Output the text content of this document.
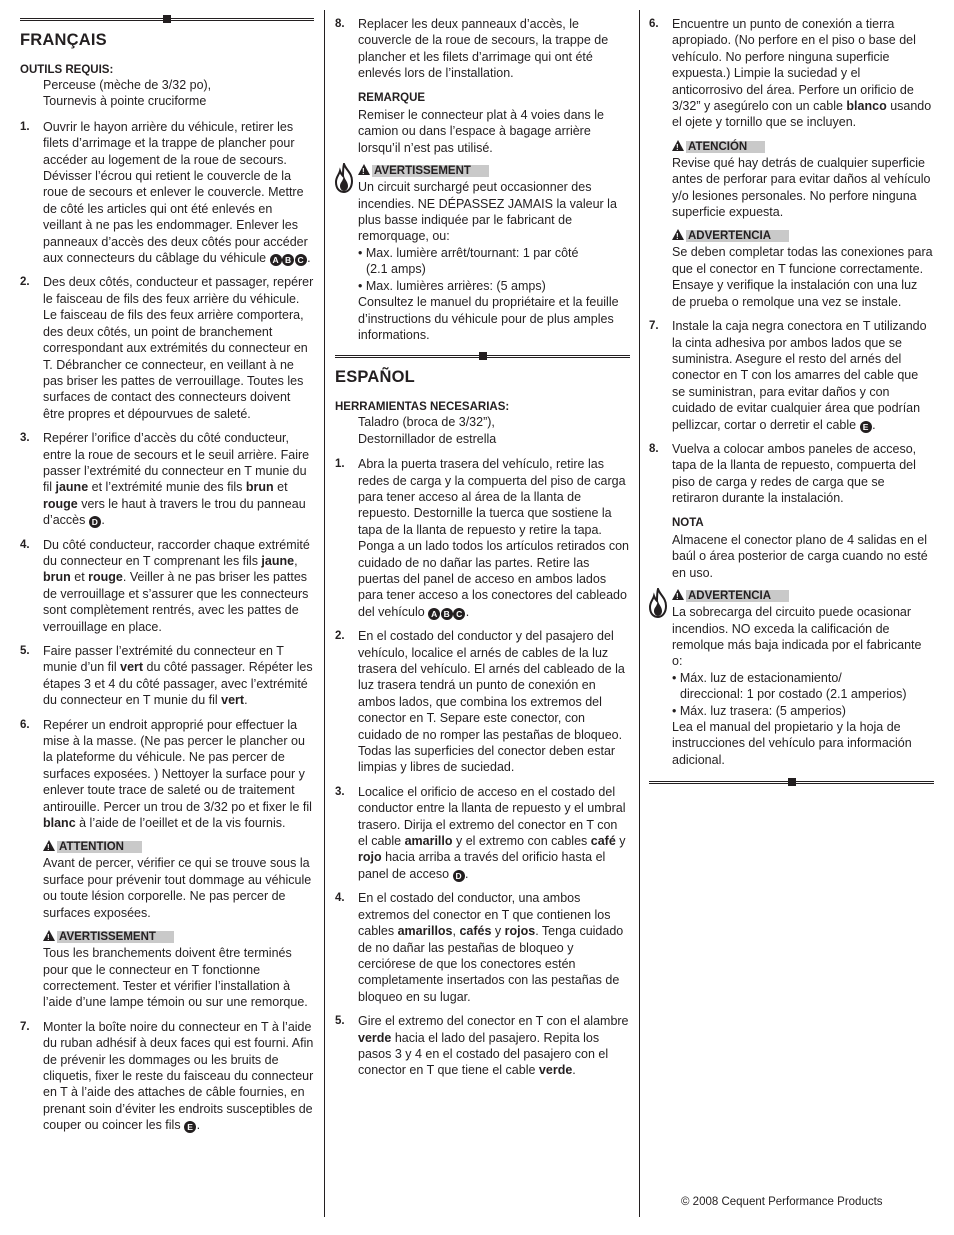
FRANÇAIS
OUTILS REQUIS:
Perceuse (mèche de 3/32 po),
Tournevis à pointe cruciforme
1.	Ouvrir le hayon arrière du véhicule, retirer les filets d’arrimage et la trappe de plancher pour accéder au logement de la roue de secours. Dévisser l’écrou qui retient le couvercle de la roue de secours et enlever le couvercle. Mettre de côté les articles qui ont été enlevés en veillant à ne pas les endommager. Enlever les panneaux d’accès des deux côtés pour accéder aux connecteurs du câblage du véhicule A B C .
2.	Des deux côtés, conducteur et passager, repérer le faisceau de fils des feux arrière du véhicule. Le faisceau de fils des feux arrière comportera, des deux côtés, un point de branchement correspondant aux extrémités du connecteur en T. Débrancher ce connecteur, en veillant à ne pas briser les pattes de verrouillage. Toutes les surfaces de contact des connecteurs doivent être propres et dépourvues de saleté.
3.	Repérer l’orifice d’accès du côté conducteur, entre la roue de secours et le seuil arrière. Faire passer l’extrémité du connecteur en T munie du fil jaune et l’extrémité munie des fils brun et rouge vers le haut à travers le trou du panneau d’accès D .
4.	Du côté conducteur, raccorder chaque extrémité du connecteur en T comprenant les fils jaune, brun et rouge. Veiller à ne pas briser les pattes de verrouillage et s’assurer que les connecteurs sont complètement rentrés, avec les pattes de verrouillage en place.
5.	Faire passer l’extrémité du connecteur en T munie d’un fil vert du côté passager. Répéter les étapes 3 et 4 du côté passager, avec l’extrémité du connecteur en T munie du fil vert.
6.	Repérer un endroit approprié pour effectuer la mise à la masse. (Ne pas percer le plancher ou la plateforme du véhicule. Ne pas percer de surfaces exposées. ) Nettoyer la surface pour y enlever toute trace de saleté ou de traitement antirouille. Percer un trou de 3/32 po et fixer le fil blanc à l’aide de l’oeillet et de la vis fournis.
!ATTENTION
Avant de percer, vérifier ce qui se trouve sous la surface pour prévenir tout dommage au véhicule ou toute lésion corporelle. Ne pas percer de surfaces exposées.
!AVERTISSEMENT
Tous les branchements doivent être terminés pour que le connecteur en T fonctionne correctement. Tester et vérifier l’installation à l’aide d’une lampe témoin ou sur une remorque.
7.	Monter la boîte noire du connecteur en T à l’aide du ruban adhésif à deux faces qui est fourni. Afin de prévenir les dommages ou les bruits de cliquetis, fixer le reste du faisceau du connecteur en T à l’aide des attaches de câble fournies, en prenant soin d’éviter les endroits susceptibles de couper ou coincer les fils E .
8.	Replacer les deux panneaux d’accès, le couvercle de la roue de secours, la trappe de plancher et les filets d’arrimage qui ont été enlevés lors de l’installation.
REMARQUE
Remiser le connecteur plat à 4 voies dans le camion ou dans l’espace à bagage arrière lorsqu’il n’est pas utilisé.
!AVERTISSEMENT
Un circuit surchargé peut occasionner des incendies. NE DÉPASSEZ JAMAIS la valeur la plus basse indiquée par le fabricant de remorquage, ou:
• Max. lumière arrêt/tournant: 1 par côté
(2.1 amps)
• Max. lumières arrières: (5 amps)
Consultez le manuel du propriétaire et la feuille d’instructions du véhicule pour de plus amples informations.
ESPAÑOL
HERRAMIENTAS NECESARIAS:
Taladro (broca de 3/32”),
Destornillador de estrella
1.	Abra la puerta trasera del vehículo, retire las redes de carga y la compuerta del piso de carga para tener acceso al área de la llanta de repuesto. Destornille la tuerca que sostiene la tapa de la llanta de repuesto y retire la tapa. Ponga a un lado todos los artículos retirados con cuidado de no dañar las partes. Retire las puertas del panel de acceso en ambos lados para tener acceso a los conectores del cableado del vehículo A B C .
2.	En el costado del conductor y del pasajero del vehículo, localice el arnés de cables de la luz trasera del vehículo. El arnés del cableado de la luz trasera tendrá un punto de conexión en ambos lados, que combina los extremos del conector en T. Separe este conector, con cuidado de no romper las pestañas de bloqueo. Todas las superficies del conector deben estar limpias y libres de suciedad.
3.	Localice el orificio de acceso en el costado del conductor entre la llanta de repuesto y el umbral trasero. Dirija el extremo del conector en T con el cable amarillo y el extremo con cables café y rojo hacia arriba a través del orificio hasta el panel de acceso D .
4.	En el costado del conductor, una ambos extremos del conector en T que contienen los cables amarillos, cafés y rojos. Tenga cuidado de no dañar las pestañas de bloqueo y cerciórese de que los conectores estén completamente insertados con las pestañas de bloqueo en su lugar.
5.	Gire el extremo del conector en T con el alambre verde hacia el lado del pasajero. Repita los pasos 3 y 4 en el costado del pasajero con el conector en T que tiene el cable verde.
6.	Encuentre un punto de conexión a tierra apropiado. (No perfore en el piso o base del vehículo. No perfore ninguna superficie expuesta.) Limpie la suciedad y el anticorrosivo del área. Perfore un orificio de 3/32” y asegúrelo con un cable blanco usando el ojete y tornillo que se incluyen.
!ATENCIÓN
Revise qué hay detrás de cualquier superficie antes de perforar para evitar daños al vehículo y/o lesiones personales. No perfore ninguna superficie expuesta.
!ADVERTENCIA
Se deben completar todas las conexiones para que el conector en T funcione correctamente. Ensaye y verifique la instalación con una luz de prueba o remolque una vez se instale.
7.	Instale la caja negra conectora en T utilizando la cinta adhesiva por ambos lados que se suministra. Asegure el resto del arnés del conector en T con los amarres del cable que se suministran, para evitar daños y con cuidado de evitar cualquier área que podrían pellizcar, cortar o derretir el cable E .
8.	Vuelva a colocar ambos paneles de acceso, tapa de la llanta de repuesto, compuerta del piso de carga y redes de carga que se retiraron durante la instalación.
NOTA
Almacene el conector plano de 4 salidas en el baúl o área posterior de carga cuando no esté en uso.
!ADVERTENCIA
La sobrecarga del circuito puede ocasionar incendios. NO exceda la calificación de remolque más baja indicada por el fabricante o:
• Máx. luz de estacionamiento/
direccional: 1 por costado (2.1 amperios)
• Máx. luz trasera: (5 amperios)
Lea el manual del propietario y la hoja de instrucciones del vehículo para información adicional.
© 2008 Cequent Performance Products
